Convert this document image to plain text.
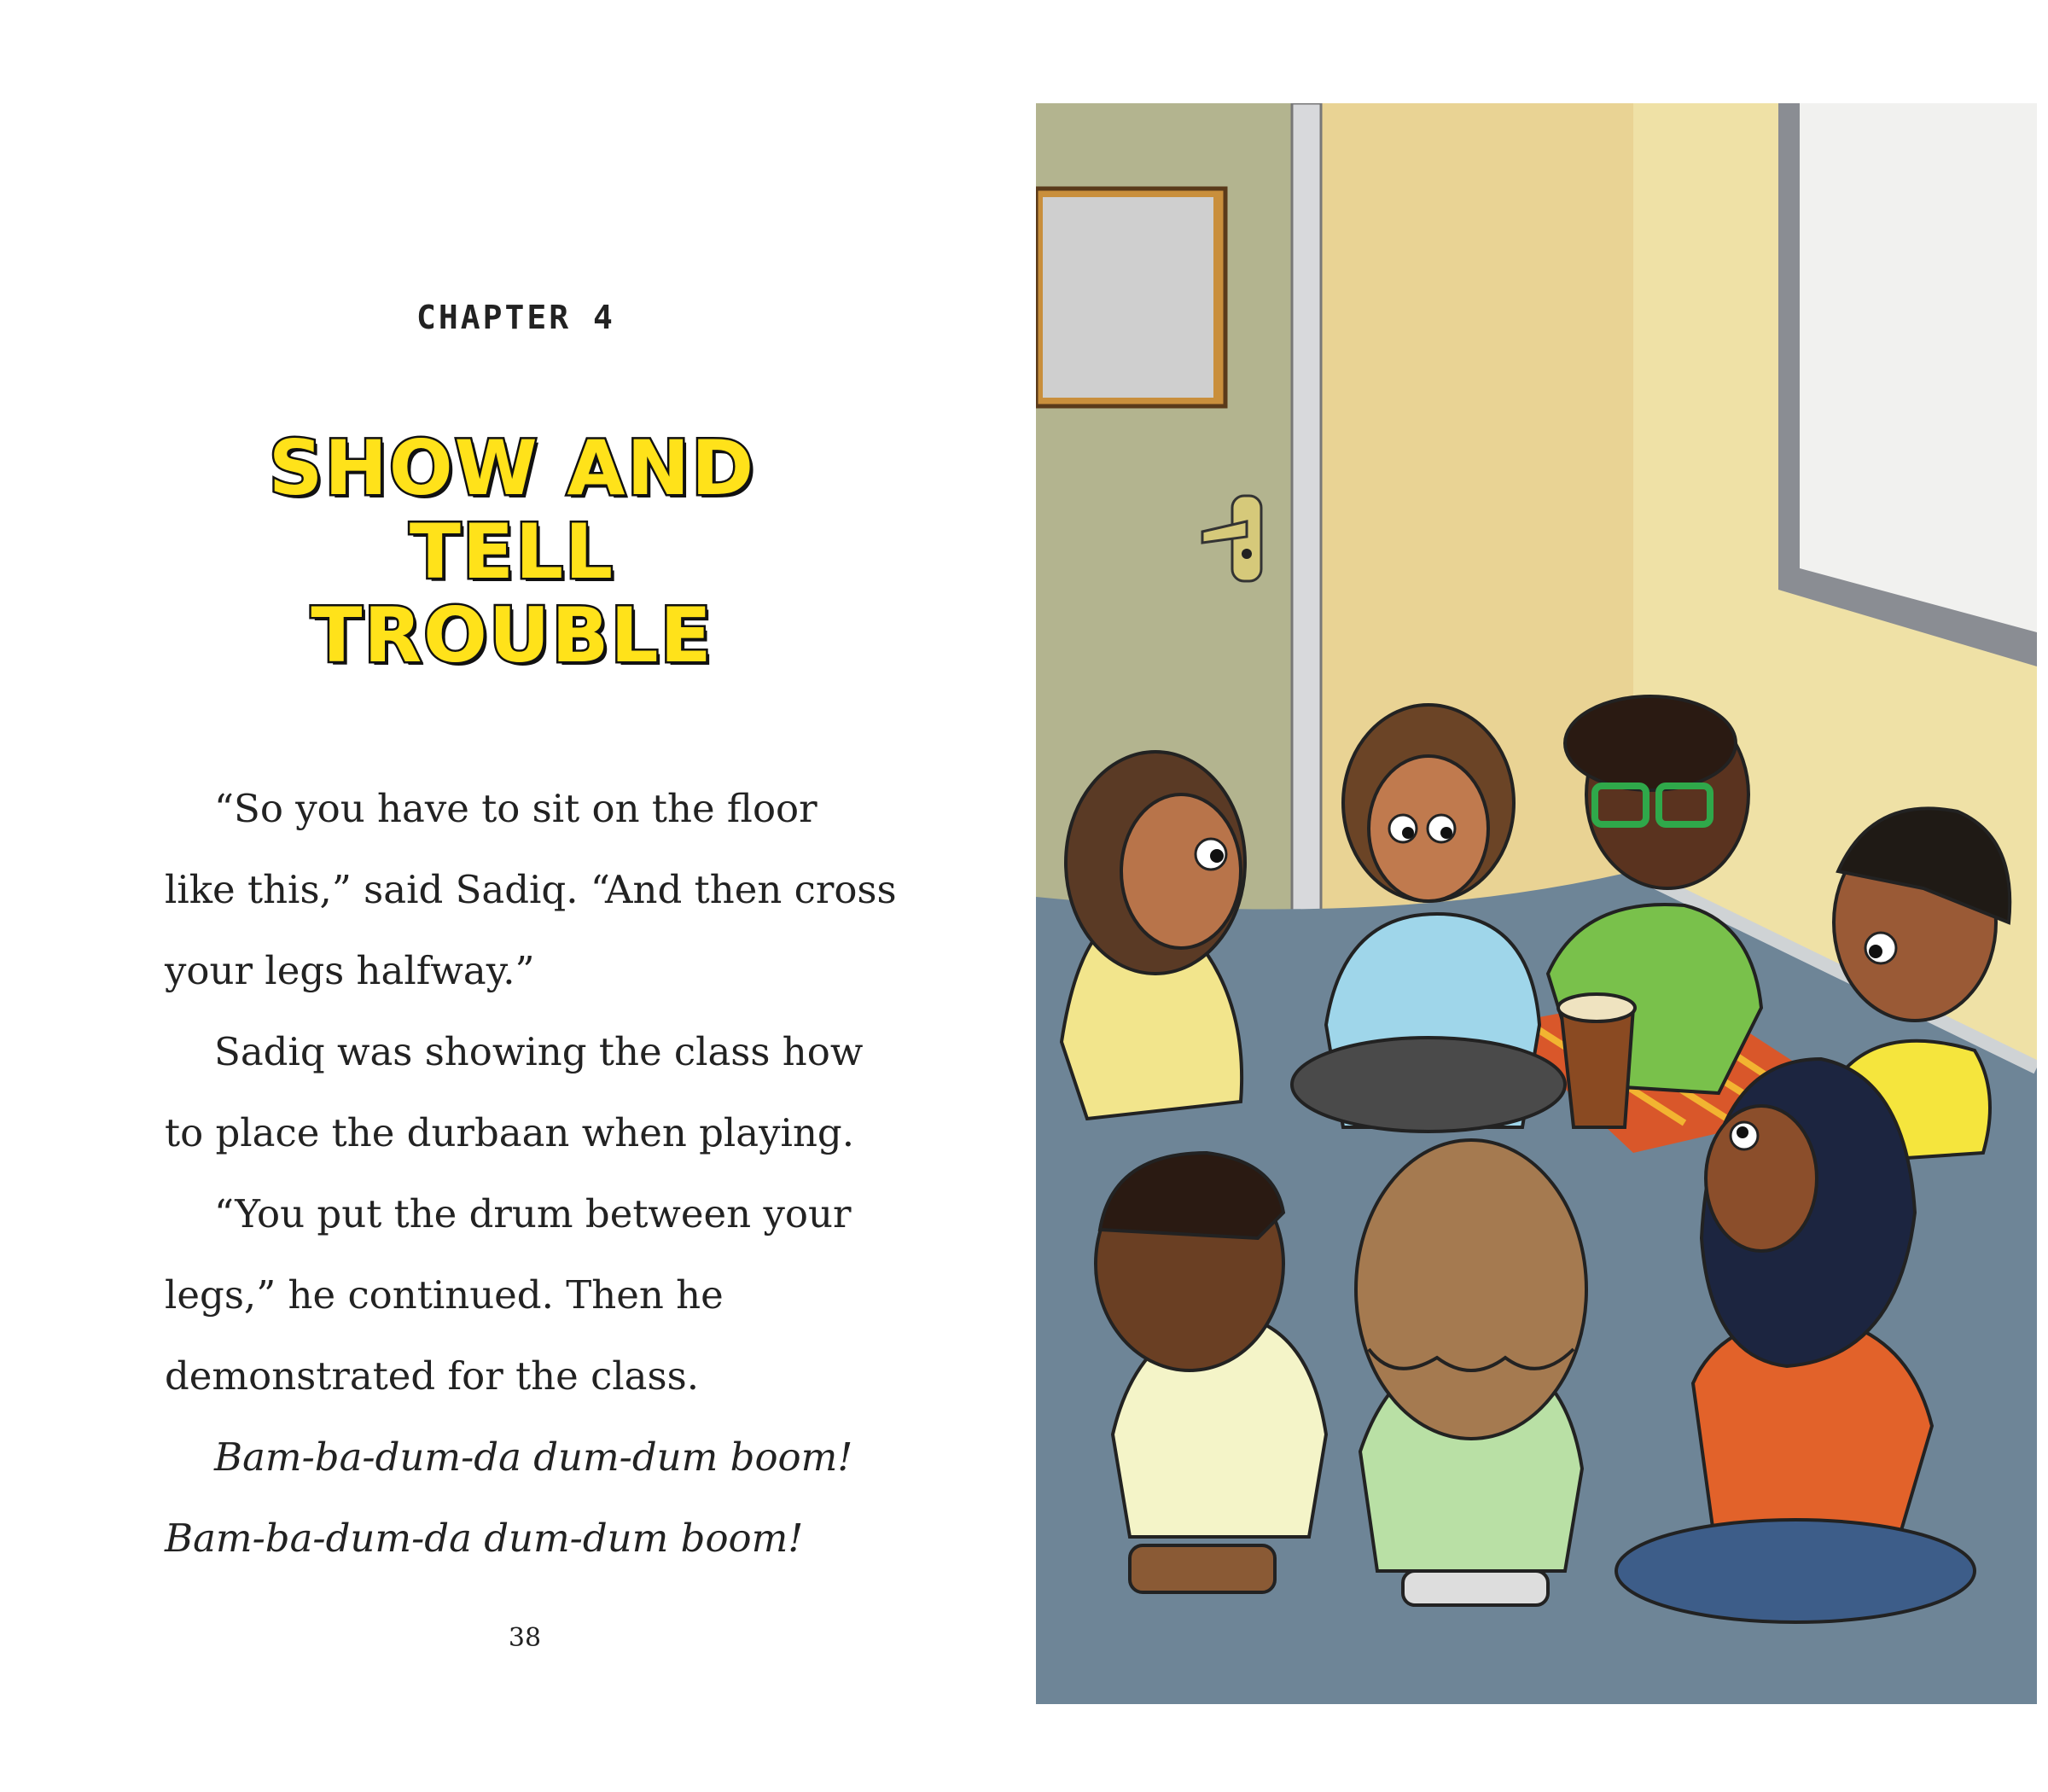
CHAPTER 4
SHOW AND TELL
TROUBLE

“So you have to sit on the floor like this,” said Sadiq. “And then cross your legs halfway.”

Sadiq was showing the class how to place the durbaan when playing.

“You put the drum between your legs,” he continued. Then he demonstrated for the class.

Bam-ba-dum-da dum-dum boom!

Bam-ba-dum-da dum-dum boom!

38
